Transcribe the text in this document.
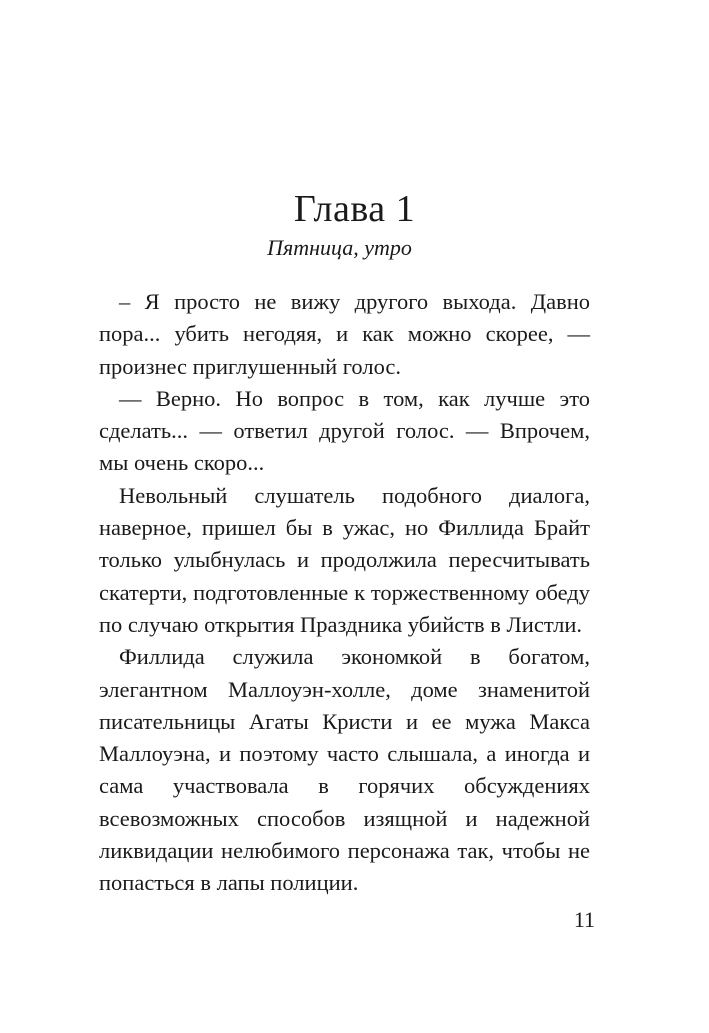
Глава 1
Пятница, утро

– Я просто не вижу другого выхода. Давно пора... убить негодяя, и как можно скорее, — произнес приглушенный голос.

— Верно. Но вопрос в том, как лучше это сделать... — ответил другой голос. — Впрочем, мы очень скоро...

Невольный слушатель подобного диалога, наверное, пришел бы в ужас, но Филлида Брайт только улыбнулась и продолжила пересчитывать скатерти, подготовленные к торжественному обеду по случаю открытия Праздника убийств в Листли.

Филлида служила экономкой в богатом, элегантном Маллоуэн-холле, доме знаменитой писательницы Агаты Кристи и ее мужа Макса Маллоуэна, и поэтому часто слышала, а иногда и сама участвовала в горячих обсуждениях всевозможных способов изящной и надежной ликвидации нелюбимого персонажа так, чтобы не попасться в лапы полиции.

11
